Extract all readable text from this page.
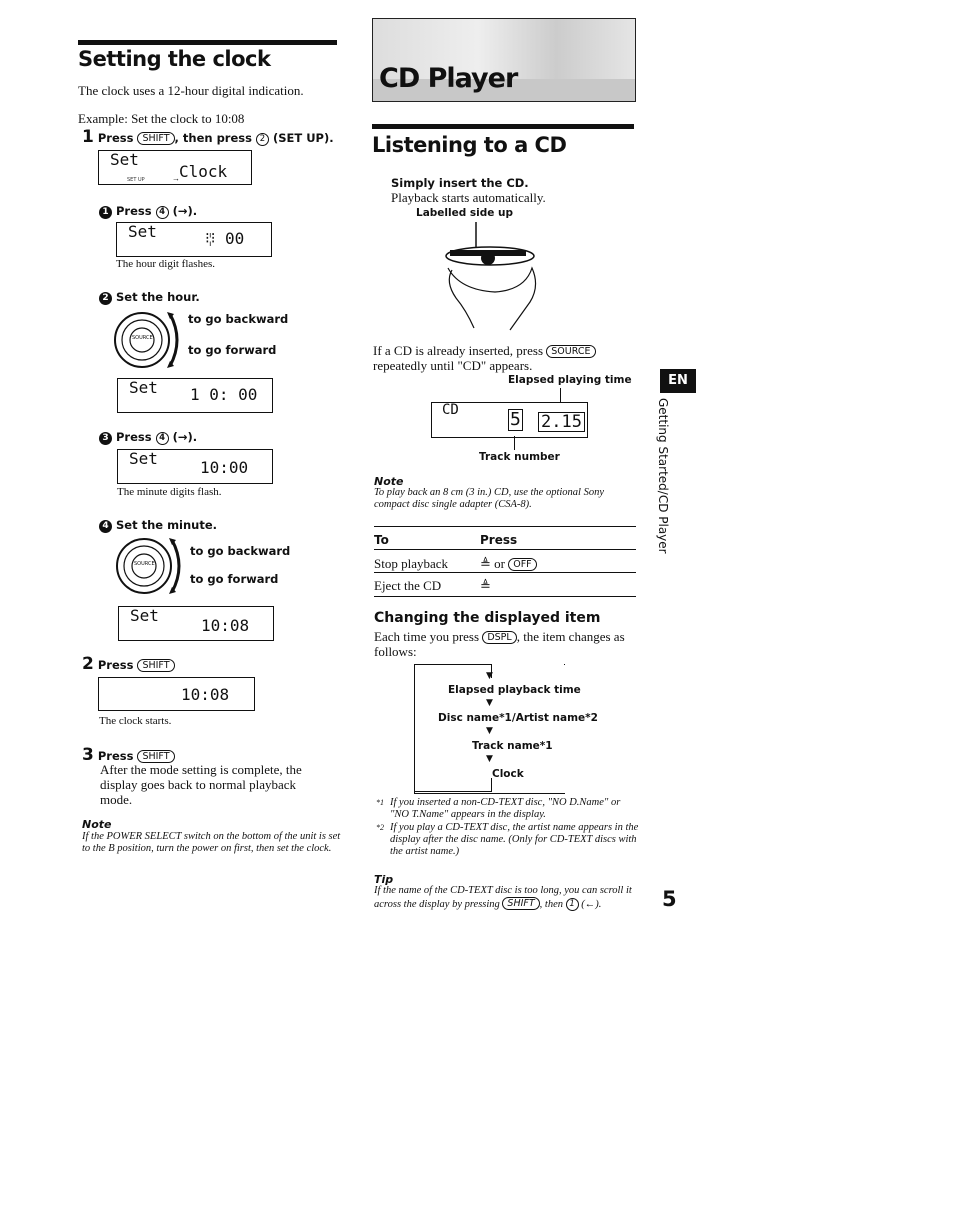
Setting the clock
The clock uses a 12-hour digital indication.
Example: Set the clock to 10:08
1 Press SHIFT , then press 2 (SET UP).
Set
Clock
SET UP	→
1 Press 4 (→).
Set	⁝¦⁝ 00
The hour digit flashes.
2 Set the hour.
SOURCE
to go backward
to go forward
Set 1 0: 00
3 Press 4 (→).
Set	10:00
The minute digits flash.
4 Set the minute.
SOURCE
to go backward
to go forward
Set
10:08
2 Press SHIFT
10:08
The clock starts.
3 Press SHIFT
After the mode setting is complete, the display goes back to normal playback mode.
Note
If the POWER SELECT switch on the bottom of the unit is set to the B position, turn the power on first, then set the clock.
CD Player
Listening to a CD
Simply insert the CD.
Playback starts automatically.
Labelled side up
If a CD is already inserted, press SOURCE
repeatedly until "CD" appears.
Elapsed playing time
CD	5 2.15
Track number
Note
To play back an 8 cm (3 in.) CD, use the optional Sony compact disc single adapter (CSA-8).
To	Press
Stop playback ≜ or OFF
Eject the CD	≜
Changing the displayed item
Each time you press DSPL , the item changes as follows:
▼
Elapsed playback time
▼
Disc name*1/Artist name*2
▼
Track name*1
▼
Clock
*1 If you inserted a non-CD-TEXT disc, "NO D.Name" or "NO T.Name" appears in the display.
*2 If you play a CD-TEXT disc, the artist name appears in the display after the disc name. (Only for CD-TEXT discs with the artist name.)
Tip
If the name of the CD-TEXT disc is too long, you can scroll it across the display by pressing SHIFT , then 1 (←).
EN
Getting Started/CD Player
5
